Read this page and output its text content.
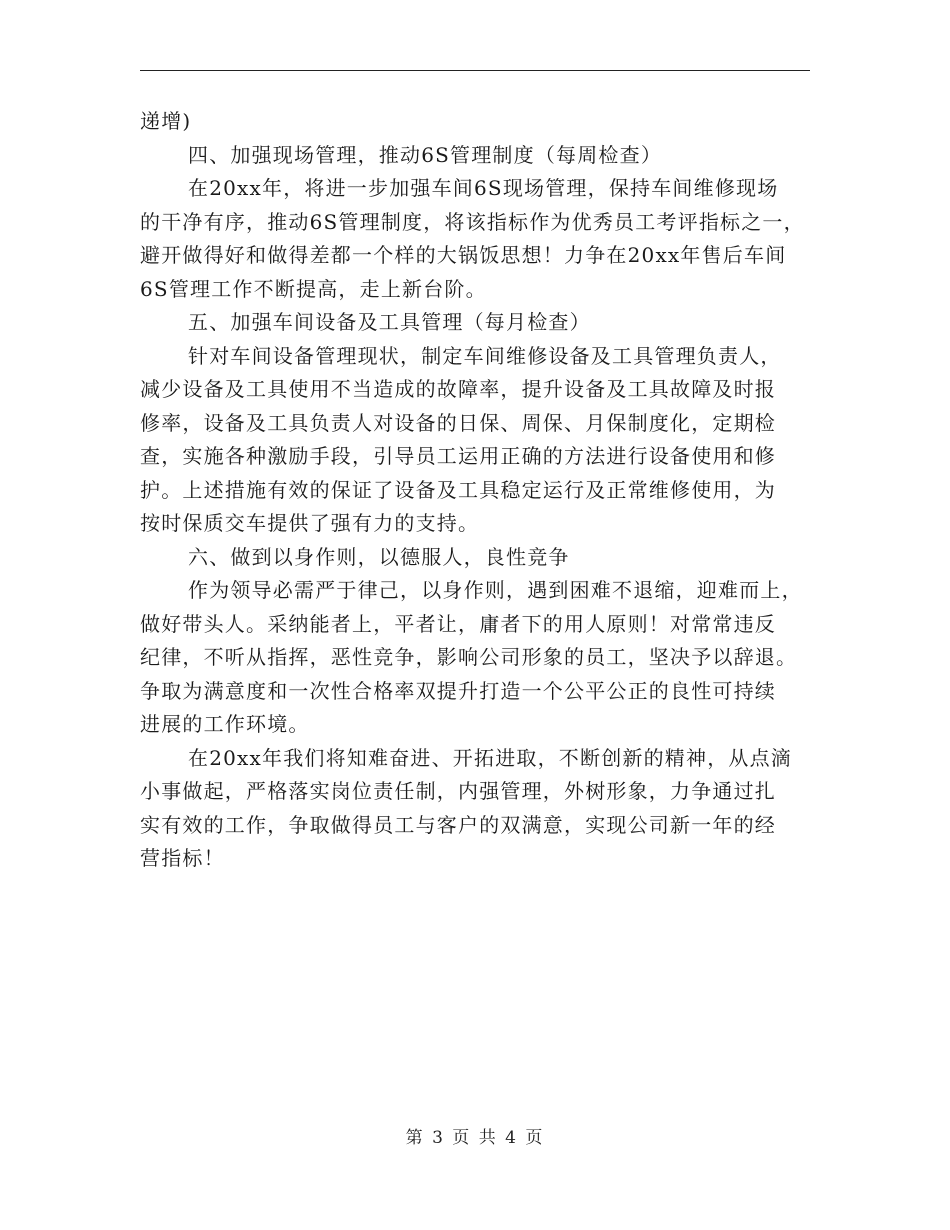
递增)
四、加强现场管理，推动6S管理制度（每周检查）
在20xx年，将进一步加强车间6S现场管理，保持车间维修现场
的干净有序，推动6S管理制度，将该指标作为优秀员工考评指标之一，
避开做得好和做得差都一个样的大锅饭思想！力争在20xx年售后车间
6S管理工作不断提高，走上新台阶。
五、加强车间设备及工具管理（每月检查）
针对车间设备管理现状，制定车间维修设备及工具管理负责人，
减少设备及工具使用不当造成的故障率，提升设备及工具故障及时报
修率，设备及工具负责人对设备的日保、周保、月保制度化，定期检
查，实施各种激励手段，引导员工运用正确的方法进行设备使用和修
护。上述措施有效的保证了设备及工具稳定运行及正常维修使用，为
按时保质交车提供了强有力的支持。
六、做到以身作则，以德服人，良性竞争
作为领导必需严于律己，以身作则，遇到困难不退缩，迎难而上，
做好带头人。采纳能者上，平者让，庸者下的用人原则！对常常违反
纪律，不听从指挥，恶性竞争，影响公司形象的员工，坚决予以辞退。
争取为满意度和一次性合格率双提升打造一个公平公正的良性可持续
进展的工作环境。
在20xx年我们将知难奋进、开拓进取，不断创新的精神，从点滴
小事做起，严格落实岗位责任制，内强管理，外树形象，力争通过扎
实有效的工作，争取做得员工与客户的双满意，实现公司新一年的经
营指标！
第 3 页 共 4 页
